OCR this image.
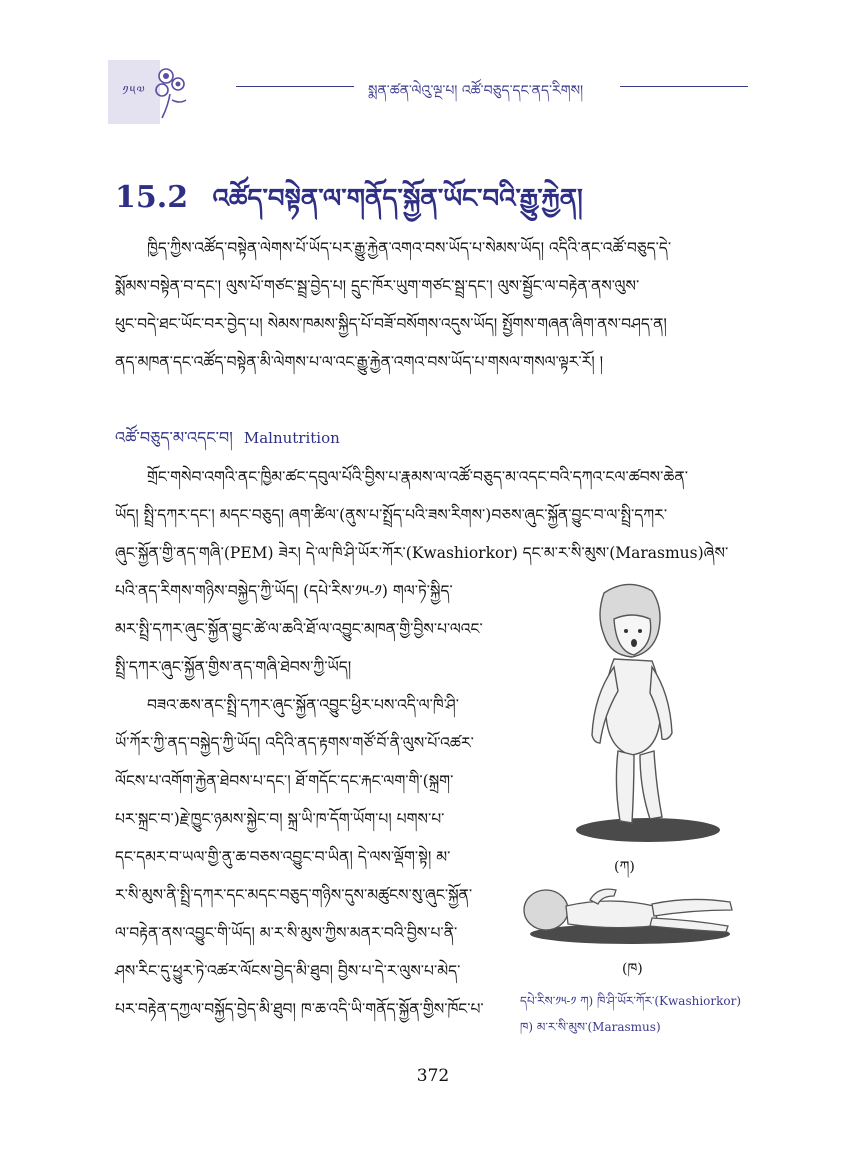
༡༥༧	སྨན་ཚན་ལེའུ་ལྔ་པ། འཚོ་བཅུད་དང་ནད་རིགས།
15.2 འཚོད་བསྟེན་ལ་གནོད་སྐྱོན་ཡོང་བའི་རྒྱུ་རྐྱེན།
ཁྱིད་ཀྱིས་འཚོད་བསྟེན་ལེགས་པོ་ཡོད་པར་རྒྱུ་རྐྱེན་འགའ་བས་ཡོད་པ་སེམས་ཡོད། འདིའི་ནང་འཚོ་བཅུད་དེ་
སྨོམས་བསྟེན་བ་དང་། ལུས་པོ་གཙང་སྦྲ་བྱེད་པ། དྲུང་ཁོར་ཡུག་གཙང་སྦྲ་དང་། ལུས་སྦྱོང་ལ་བརྟེན་ནས་ལུས་
ཕུང་བདེ་ཐང་ཡོང་བར་བྱེད་པ། སེམས་ཁམས་སྐྱིད་པོ་བཟོ་བསོགས་འདུས་ཡོད། སྤྱོགས་གཞན་ཞིག་ནས་བཤད་ན།
ནད་མཁན་དང་འཚོད་བསྟེན་མི་ལེགས་པ་ལ་འང་རྒྱུ་རྐྱེན་འགའ་བས་ཡོད་པ་གསལ་གསལ་ལྟར་རོ། །
འཚོ་བཅུད་མ་འདང་བ། Malnutrition
གྲོང་གསེབ་འགའི་ནང་ཁྱིམ་ཚང་དབུལ་པོའི་བྱིས་པ་རྣམས་ལ་འཚོ་བཅུད་མ་འདང་བའི་དཀའ་ངལ་ཚབས་ཆེན་
ཡོད། སྤྲི་དཀར་དང་། མདང་བཅུད། ཞག་ཚིལ་(ནུས་པ་སྤྲོད་པའི་ཟས་རིགས་)བཅས་ཞུང་སྐྱོན་བྱུང་བ་ལ་སྤྲི་དཀར་
ཞུང་སྐྱོན་གྱི་ནད་གཞི་(PEM) ཟེར། དེ་ལ་ཁི་ཤི་ཡོར་ཀོར་(Kwashiorkor) དང་མ་ར་སི་མུས་(Marasmus)ཞེས་
པའི་ནད་རིགས་གཉིས་བསྐྱེད་ཀྱི་ཡོད། (དཔེ་རིས་༡༥-༡) གལ་ཏེ་སྐྱིད་
མར་སྤྲི་དཀར་ཞུང་སྐྱོན་བྱུང་ཚེ་ལ་ཆའི་ཐོ་ལ་འབྱུང་མཁན་གྱི་བྱིས་པ་ལའང་
སྤྲི་དཀར་ཞུང་སྐྱོན་གྱིས་ནད་གཞི་ཐེབས་ཀྱི་ཡོད།
བཟའ་ཆས་ནང་སྤྲི་དཀར་ཞུང་སྐྱོན་འབྱུང་ཕྱིར་པས་འདི་ལ་ཁི་ཤི་
ཡོ་ཀོར་ཀྱི་ནད་བསྐྱེད་ཀྱི་ཡོད། འདིའི་ནད་རྟགས་གཙོ་བོ་ནི་ལུས་པོ་འཚར་
ལོངས་པ་འགོག་རྐྱེན་ཐེབས་པ་དང་། ཐོ་གདོང་དང་རྐང་ལག་གི་(སྐྲག་
པར་སྐྲང་བ་)རྗེ་ཁྱུང་ཉམས་སྐྱེང་བ། སྐྲ་ཡི་ཁ་དོག་ཡོག་པ། པགས་པ་
དང་དམར་བ་ཡལ་གྱི་ནུ་ཆ་བཅས་འབྱུང་བ་ཡིན། དེ་ལས་ལྡོག་སྟེ། མ་
ར་སི་མུས་ནི་སྤྲི་དཀར་དང་མདང་བཅུད་གཉིས་དུས་མཚུངས་སུ་ཞུང་སྐྱོན་
ལ་བརྟེན་ནས་འབྱུང་གི་ཡོད། མ་ར་སི་མུས་ཀྱིས་མནར་བའི་བྱིས་པ་ནི་
ཤས་རིང་དུ་ཕྱུར་ཏེ་འཚར་ལོངས་བྱེད་མི་ཐུབ། བྱིས་པ་དེ་ར་ལུས་པ་མེད་
པར་བརྟེན་དཀྱལ་བསྐྱོད་བྱེད་མི་ཐུབ། ཁ་ཆ་འདི་ཡི་གནོད་སྐྱོན་གྱིས་ཁོང་པ་
(ཀ)
(ཁ)
དཔེ་རིས་༡༥-༡ ཀ) ཁི་ཤི་ཡོར་ཀོར་(Kwashiorkor)
ཁ) མ་ར་སི་མུས་(Marasmus)
372
